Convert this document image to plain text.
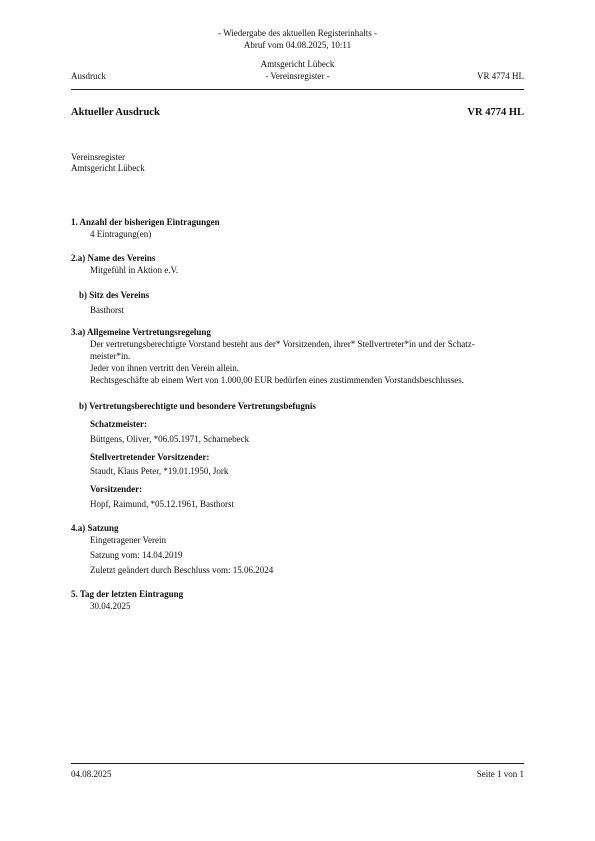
- Wiedergabe des aktuellen Registerinhalts -
Abruf vom 04.08.2025, 10:11
Amtsgericht Lübeck
Ausdruck	- Vereinsregister -	VR 4774 HL
Aktueller Ausdruck	VR 4774 HL
Vereinsregister
Amtsgericht Lübeck
1. Anzahl der bisherigen Eintragungen
4 Eintragung(en)
2.a) Name des Vereins
Mitgefühl in Aktion e.V.
b) Sitz des Vereins
Basthorst
3.a) Allgemeine Vertretungsregelung

Der vertretungsberechtigte Vorstand besteht aus der* Vorsitzenden, ihrer* Stellvertreter*in und der Schatz-

meister*in.

Jeder von ihnen vertritt den Verein allein.

Rechtsgeschäfte ab einem Wert von 1.000,00 EUR bedürfen eines zustimmenden Vorstandsbeschlusses.

b) Vertretungsberechtigte und besondere Vertretungsbefugnis
Schatzmeister:
Büttgens, Oliver, *06.05.1971, Scharnebeck
Stellvertretender Vorsitzender:
Staudt, Klaus Peter, *19.01.1950, Jork
Vorsitzender:
Hopf, Raimund, *05.12.1961, Basthorst
4.a) Satzung
Eingetragener Verein
Satzung vom: 14.04.2019
Zuletzt geändert durch Beschluss vom: 15.06.2024
5. Tag der letzten Eintragung
30.04.2025
04.08.2025	Seite 1 von 1
